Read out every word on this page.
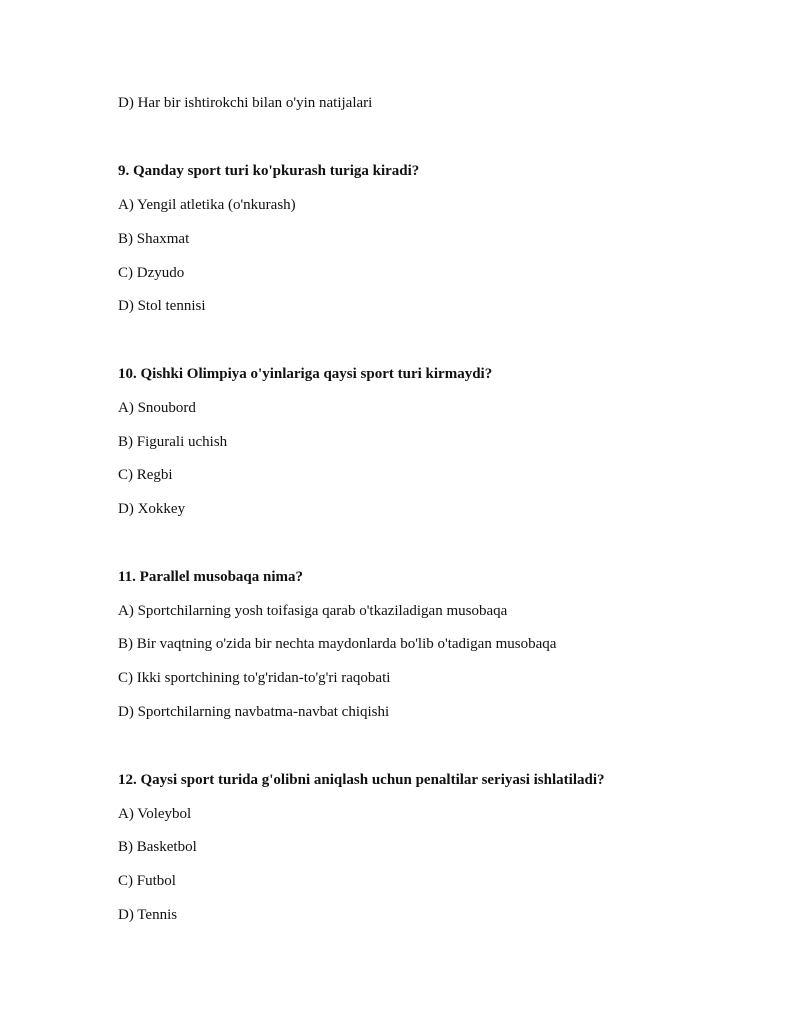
D) Har bir ishtirokchi bilan o'yin natijalari
9. Qanday sport turi ko'pkurash turiga kiradi?
A) Yengil atletika (o'nkurash)
B) Shaxmat
C) Dzyudo
D) Stol tennisi
10. Qishki Olimpiya o'yinlariga qaysi sport turi kirmaydi?
A) Snoubord
B) Figurali uchish
C) Regbi
D) Xokkey
11. Parallel musobaqa nima?
A) Sportchilarning yosh toifasiga qarab o'tkaziladigan musobaqa
B) Bir vaqtning o'zida bir nechta maydonlarda bo'lib o'tadigan musobaqa
C) Ikki sportchining to'g'ridan-to'g'ri raqobati
D) Sportchilarning navbatma-navbat chiqishi
12. Qaysi sport turida g'olibni aniqlash uchun penaltilar seriyasi ishlatiladi?
A) Voleybol
B) Basketbol
C) Futbol
D) Tennis
